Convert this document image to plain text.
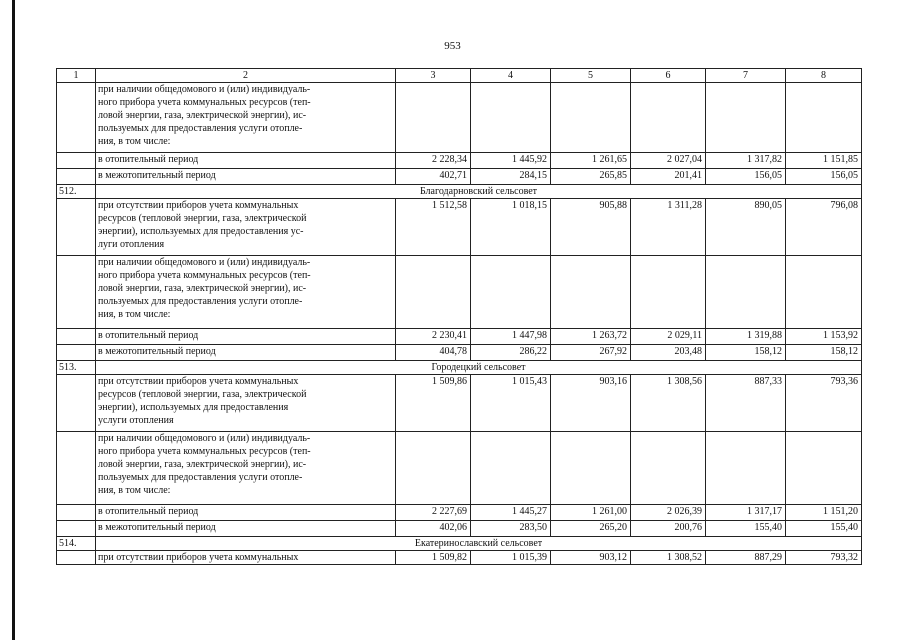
953
1	2	3	4	5	6	7	8

	при наличии общедомового и (или) индивидуаль-
ного прибора учета коммунальных ресурсов (теп-
ловой энергии, газа, электрической энергии), ис-
пользуемых для предоставления услуги отопле-
ния, в том числе:						

	в отопительный период	2 228,34	1 445,92	1 261,65	2 027,04	1 317,82	1 151,85
	в межотопительный период	402,71	284,15	265,85	201,41	156,05	156,05
512.	Благодарновский сельсовет						

	при отсутствии приборов учета коммунальных
ресурсов (тепловой энергии, газа, электрической
энергии), используемых для предоставления ус-
луги отопления	1 512,58	1 018,15	905,88	1 311,28	890,05	796,08

	при наличии общедомового и (или) индивидуаль-
ного прибора учета коммунальных ресурсов (теп-
ловой энергии, газа, электрической энергии), ис-
пользуемых для предоставления услуги отопле-
ния, в том числе:						

	в отопительный период	2 230,41	1 447,98	1 263,72	2 029,11	1 319,88	1 153,92
	в межотопительный период	404,78	286,22	267,92	203,48	158,12	158,12
513.	Городецкий сельсовет						

	при отсутствии приборов учета коммунальных
ресурсов (тепловой энергии, газа, электрической
энергии), используемых для предоставления
услуги отопления	1 509,86	1 015,43	903,16	1 308,56	887,33	793,36

	при наличии общедомового и (или) индивидуаль-
ного прибора учета коммунальных ресурсов (теп-
ловой энергии, газа, электрической энергии), ис-
пользуемых для предоставления услуги отопле-
ния, в том числе:						

	в отопительный период	2 227,69	1 445,27	1 261,00	2 026,39	1 317,17	1 151,20
	в межотопительный период	402,06	283,50	265,20	200,76	155,40	155,40
514.	Екатеринославский сельсовет						

	при отсутствии приборов учета коммунальных	1 509,82	1 015,39	903,12	1 308,52	887,29	793,32
